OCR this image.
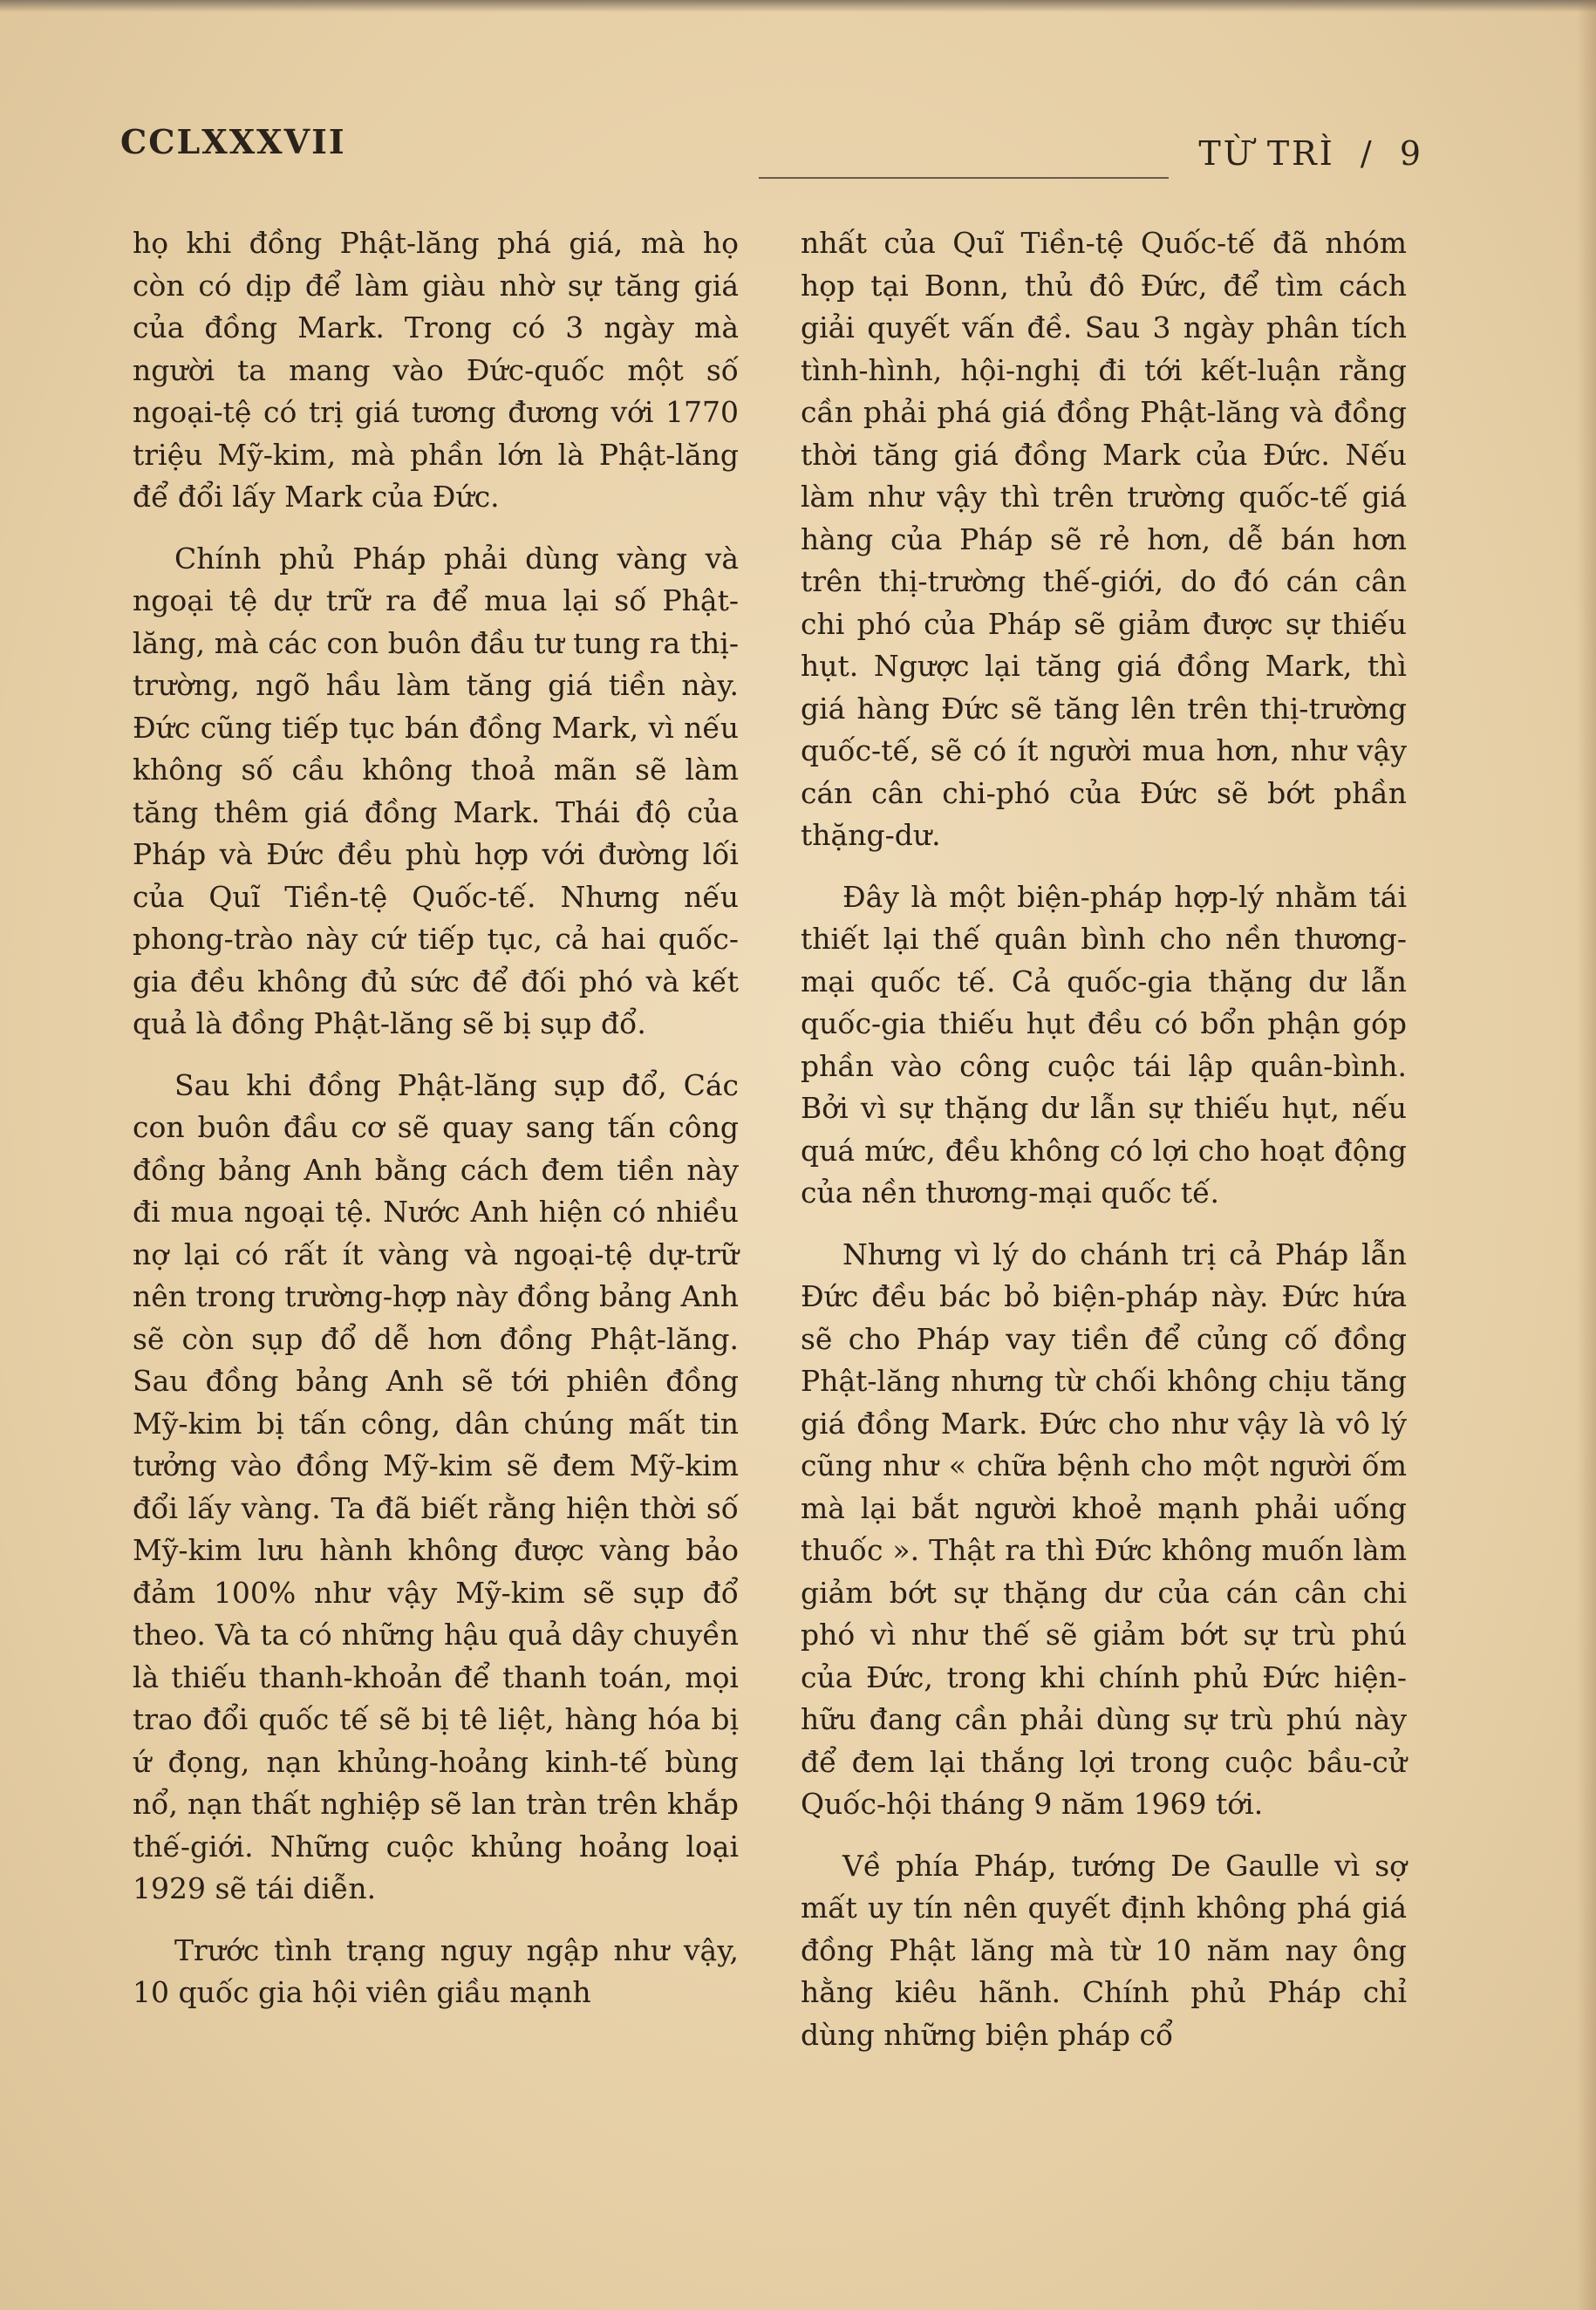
CCLXXXVII	TỪ TRÌ / 9

họ khi đồng Phật-lăng phá giá, mà họ còn có dịp để làm giàu nhờ sự tăng giá của đồng Mark. Trong có 3 ngày mà người ta mang vào Đức-quốc một số ngoại-tệ có trị giá tương đương với 1770 triệu Mỹ-kim, mà phần lớn là Phật-lăng để đổi lấy Mark của Đức.

Chính phủ Pháp phải dùng vàng và ngoại tệ dự trữ ra để mua lại số Phật-lăng, mà các con buôn đầu tư tung ra thị-trường, ngõ hầu làm tăng giá tiền này. Đức cũng tiếp tục bán đồng Mark, vì nếu không số cầu không thoả mãn sẽ làm tăng thêm giá đồng Mark. Thái độ của Pháp và Đức đều phù hợp với đường lối của Quĩ Tiền-tệ Quốc-tế. Nhưng nếu phong-trào này cứ tiếp tục, cả hai quốc-gia đều không đủ sức để đối phó và kết quả là đồng Phật-lăng sẽ bị sụp đổ.

Sau khi đồng Phật-lăng sụp đổ, Các con buôn đầu cơ sẽ quay sang tấn công đồng bảng Anh bằng cách đem tiền này đi mua ngoại tệ. Nước Anh hiện có nhiều nợ lại có rất ít vàng và ngoại-tệ dự-trữ nên trong trường-hợp này đồng bảng Anh sẽ còn sụp đổ dễ hơn đồng Phật-lăng. Sau đồng bảng Anh sẽ tới phiên đồng Mỹ-kim bị tấn công, dân chúng mất tin tưởng vào đồng Mỹ-kim sẽ đem Mỹ-kim đổi lấy vàng. Ta đã biết rằng hiện thời số Mỹ-kim lưu hành không được vàng bảo đảm 100% như vậy Mỹ-kim sẽ sụp đổ theo. Và ta có những hậu quả dây chuyền là thiếu thanh-khoản để thanh toán, mọi trao đổi quốc tế sẽ bị tê liệt, hàng hóa bị ứ đọng, nạn khủng-hoảng kinh-tế bùng nổ, nạn thất nghiệp sẽ lan tràn trên khắp thế-giới. Những cuộc khủng hoảng loại 1929 sẽ tái diễn.

Trước tình trạng nguy ngập như vậy, 10 quốc gia hội viên giầu mạnh

nhất của Quĩ Tiền-tệ Quốc-tế đã nhóm họp tại Bonn, thủ đô Đức, để tìm cách giải quyết vấn đề. Sau 3 ngày phân tích tình-hình, hội-nghị đi tới kết-luận rằng cần phải phá giá đồng Phật-lăng và đồng thời tăng giá đồng Mark của Đức. Nếu làm như vậy thì trên trường quốc-tế giá hàng của Pháp sẽ rẻ hơn, dễ bán hơn trên thị-trường thế-giới, do đó cán cân chi phó của Pháp sẽ giảm được sự thiếu hụt. Ngược lại tăng giá đồng Mark, thì giá hàng Đức sẽ tăng lên trên thị-trường quốc-tế, sẽ có ít người mua hơn, như vậy cán cân chi-phó của Đức sẽ bớt phần thặng-dư.

Đây là một biện-pháp hợp-lý nhằm tái thiết lại thế quân bình cho nền thương-mại quốc tế. Cả quốc-gia thặng dư lẫn quốc-gia thiếu hụt đều có bổn phận góp phần vào công cuộc tái lập quân-bình. Bởi vì sự thặng dư lẫn sự thiếu hụt, nếu quá mức, đều không có lợi cho hoạt động của nền thương-mại quốc tế.

Nhưng vì lý do chánh trị cả Pháp lẫn Đức đều bác bỏ biện-pháp này. Đức hứa sẽ cho Pháp vay tiền để củng cố đồng Phật-lăng nhưng từ chối không chịu tăng giá đồng Mark. Đức cho như vậy là vô lý cũng như « chữa bệnh cho một người ốm mà lại bắt người khoẻ mạnh phải uống thuốc ». Thật ra thì Đức không muốn làm giảm bớt sự thặng dư của cán cân chi phó vì như thế sẽ giảm bớt sự trù phú của Đức, trong khi chính phủ Đức hiện-hữu đang cần phải dùng sự trù phú này để đem lại thắng lợi trong cuộc bầu-cử Quốc-hội tháng 9 năm 1969 tới.

Về phía Pháp, tướng De Gaulle vì sợ mất uy tín nên quyết định không phá giá đồng Phật lăng mà từ 10 năm nay ông hằng kiêu hãnh. Chính phủ Pháp chỉ dùng những biện pháp cổ
